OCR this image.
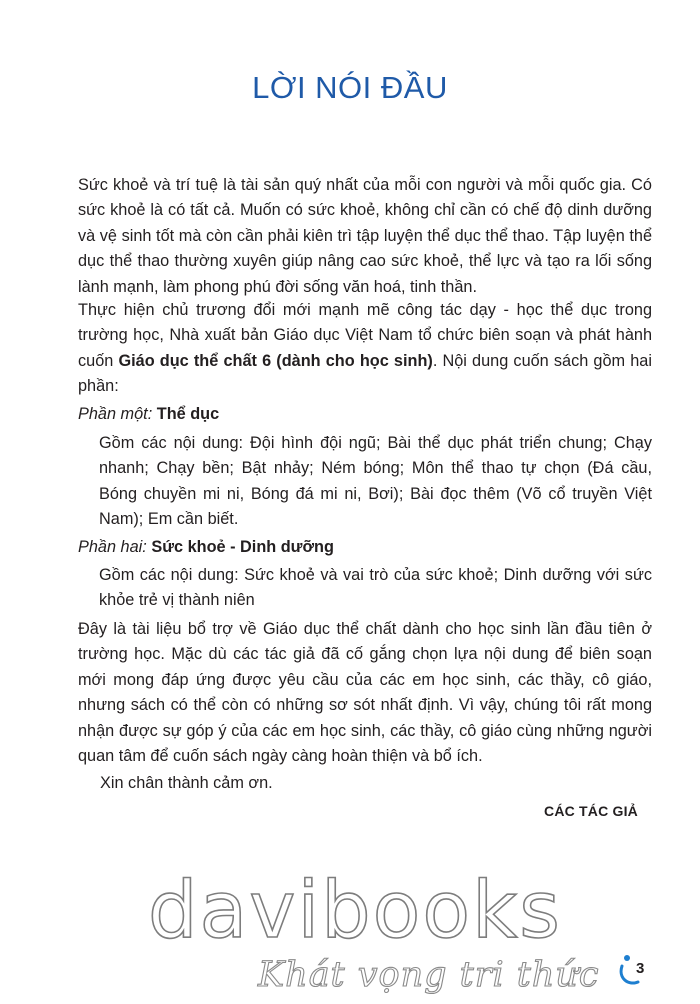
LỜI NÓI ĐẦU

Sức khoẻ và trí tuệ là tài sản quý nhất của mỗi con người và mỗi quốc gia. Có sức khoẻ là có tất cả. Muốn có sức khoẻ, không chỉ cần có chế độ dinh dưỡng và vệ sinh tốt mà còn cần phải kiên trì tập luyện thể dục thể thao. Tập luyện thể dục thể thao thường xuyên giúp nâng cao sức khoẻ, thể lực và tạo ra lối sống lành mạnh, làm phong phú đời sống văn hoá, tinh thần.

Thực hiện chủ trương đổi mới mạnh mẽ công tác dạy - học thể dục trong trường học, Nhà xuất bản Giáo dục Việt Nam tổ chức biên soạn và phát hành cuốn Giáo dục thể chất 6 (dành cho học sinh). Nội dung cuốn sách gồm hai phần:

Phần một: Thể dục

Gồm các nội dung: Đội hình đội ngũ; Bài thể dục phát triển chung; Chạy nhanh; Chạy bền; Bật nhảy; Ném bóng; Môn thể thao tự chọn (Đá cầu, Bóng chuyền mi ni, Bóng đá mi ni, Bơi); Bài đọc thêm (Võ cổ truyền Việt Nam); Em cần biết.

Phần hai: Sức khoẻ - Dinh dưỡng

Gồm các nội dung: Sức khoẻ và vai trò của sức khoẻ; Dinh dưỡng với sức khỏe trẻ vị thành niên

Đây là tài liệu bổ trợ về Giáo dục thể chất dành cho học sinh lần đầu tiên ở trường học. Mặc dù các tác giả đã cố gắng chọn lựa nội dung để biên soạn mới mong đáp ứng được yêu cầu của các em học sinh, các thầy, cô giáo, nhưng sách có thể còn có những sơ sót nhất định. Vì vậy, chúng tôi rất mong nhận được sự góp ý của các em học sinh, các thầy, cô giáo cùng những người quan tâm để cuốn sách ngày càng hoàn thiện và bổ ích.

Xin chân thành cảm ơn.

CÁC TÁC GIẢ
davibooks
Khát vọng tri thức 3
